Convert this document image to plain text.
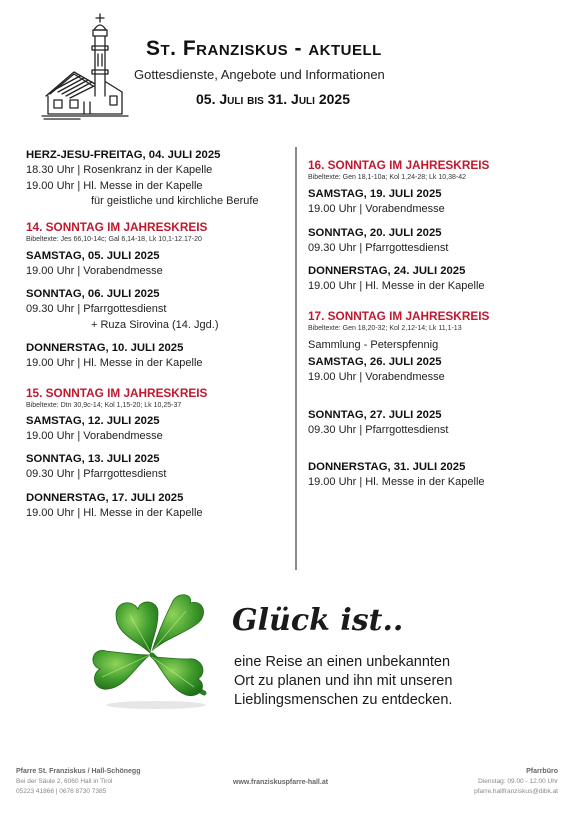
St. Franziskus - aktuell
Gottesdienste, Angebote und Informationen
05. Juli bis 31. Juli 2025
HERZ-JESU-FREITAG, 04. JULI 2025
18.30 Uhr | Rosenkranz in der Kapelle
19.00 Uhr | Hl. Messe in der Kapelle
für geistliche und kirchliche Berufe
14. SONNTAG IM JAHRESKREIS
Bibeltexte: Jes 66,10-14c; Gal 6,14-18, Lk 10,1-12.17-20
SAMSTAG, 05. JULI 2025
19.00 Uhr | Vorabendmesse
SONNTAG, 06. JULI 2025
09.30 Uhr | Pfarrgottesdienst
+ Ruza Sirovina (14. Jgd.)
DONNERSTAG, 10. JULI 2025
19.00 Uhr | Hl. Messe in der Kapelle
15. SONNTAG IM JAHRESKREIS
Bibeltexte: Dtn 30,9c-14; Kol 1,15-20; Lk 10,25-37
SAMSTAG, 12. JULI 2025
19.00 Uhr | Vorabendmesse
SONNTAG, 13. JULI 2025
09.30 Uhr | Pfarrgottesdienst
DONNERSTAG, 17. JULI 2025
19.00 Uhr | Hl. Messe in der Kapelle
16. SONNTAG IM JAHRESKREIS
Bibeltexte: Gen 18,1-10a; Kol 1,24-28; Lk 10,38-42
SAMSTAG, 19. JULI 2025
19.00 Uhr | Vorabendmesse
SONNTAG, 20. JULI 2025
09.30 Uhr | Pfarrgottesdienst
DONNERSTAG, 24. JULI 2025
19.00 Uhr | Hl. Messe in der Kapelle
17. SONNTAG IM JAHRESKREIS
Bibeltexte: Gen 18,20-32; Kol 2,12-14; Lk 11,1-13
Sammlung - Peterspfennig
SAMSTAG, 26. JULI 2025
19.00 Uhr | Vorabendmesse
SONNTAG, 27. JULI 2025
09.30 Uhr | Pfarrgottesdienst
DONNERSTAG, 31. JULI 2025
19.00 Uhr | Hl. Messe in der Kapelle
Glück ist..
eine Reise an einen unbekannten
Ort zu planen und ihn mit unseren
Lieblingsmenschen zu entdecken.
Pfarre St. Franziskus / Hall-Schönegg
Bei der Säule 2, 6060 Hall in Tirol
05223 41866 | 0676 8730 7385
www.franziskuspfarre-hall.at
Pfarrbüro
Dienstag: 09.00 - 12.00 Uhr
pfarre.hallfranziskus@dibk.at
